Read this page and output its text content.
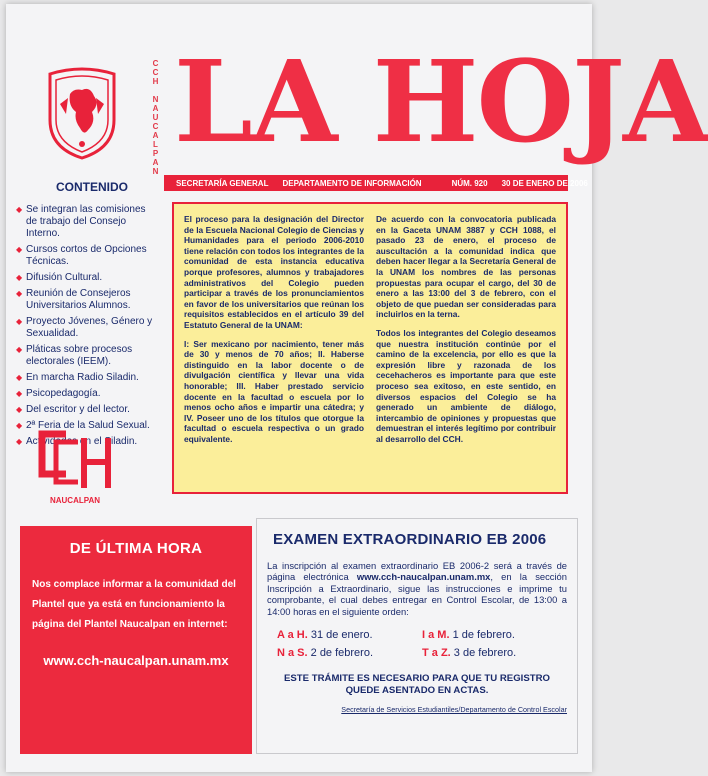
CCH NAUCALPAN LA HOJA
SECRETARÍA GENERAL DEPARTAMENTO DE INFORMACIÓN	NÚM. 920 30 DE ENERO DE 2006
CONTENIDO
◆ Se integran las comisiones de trabajo del Consejo Interno.
◆ Cursos cortos de Opciones Técnicas.
◆ Difusión Cultural.
◆ Reunión de Consejeros Universitarios Alumnos.
◆ Proyecto Jóvenes, Género y Sexualidad.
◆ Pláticas sobre procesos electorales (IEEM).
◆ En marcha Radio Siladin.
◆ Psicopedagogía.
◆ Del escritor y del lector.
◆ 2ª Feria de la Salud Sexual.
◆ Actividades en el Siladin.
NAUCALPAN

El proceso para la designación del Director de la Escuela Nacional Colegio de Ciencias y Humanidades para el periodo 2006-2010 tiene relación con todos los integrantes de la comunidad de esta instancia educativa porque profesores, alumnos y trabajadores administrativos del Colegio pueden participar a través de los pronunciamientos en favor de los universitarios que reúnan los requisitos establecidos en el artículo 39 del Estatuto General de la UNAM:

I: Ser mexicano por nacimiento, tener más de 30 y menos de 70 años; II. Haberse distinguido en la labor docente o de divulgación científica y llevar una vida honorable; III. Haber prestado servicio docente en la facultad o escuela por lo menos ocho años e impartir una cátedra; y IV. Poseer uno de los títulos que otorgue la facultad o escuela respectiva o un grado equivalente.

De acuerdo con la convocatoria publicada en la Gaceta UNAM 3887 y CCH 1088, el pasado 23 de enero, el proceso de auscultación a la comunidad indica que deben hacer llegar a la Secretaría General de la UNAM los nombres de las personas propuestas para ocupar el cargo, del 30 de enero a las 13:00 del 3 de febrero, con el objeto de que puedan ser consideradas para incluirlos en la terna.

Todos los integrantes del Colegio deseamos que nuestra institución continúe por el camino de la excelencia, por ello es que la expresión libre y razonada de los cecehacheros es importante para que este proceso sea exitoso, en este sentido, en diversos espacios del Colegio se ha generado un ambiente de diálogo, intercambio de opiniones y propuestas que demuestran el interés legítimo por contribuir al desarrollo del CCH.

DE ÚLTIMA HORA

Nos complace informar a la comunidad del Plantel que ya está en funcionamiento la página del Plantel Naucalpan en internet:

www.cch-naucalpan.unam.mx
EXAMEN EXTRAORDINARIO EB 2006
La inscripción al examen extraordinario EB 2006-2 será a través de página electrónica www.cch-naucalpan.unam.mx, en la sección Inscripción a Extraordinario, sigue las instrucciones e imprime tu comprobante, el cual debes entregar en Control Escolar, de 13:00 a 14:00 horas en el siguiente orden:
A a H. 31 de enero.	I a M. 1 de febrero.
N a S. 2 de febrero.	T a Z. 3 de febrero.
ESTE TRÁMITE ES NECESARIO PARA QUE TU REGISTRO QUEDE ASENTADO EN ACTAS.
Secretaría de Servicios Estudiantiles/Departamento de Control Escolar
